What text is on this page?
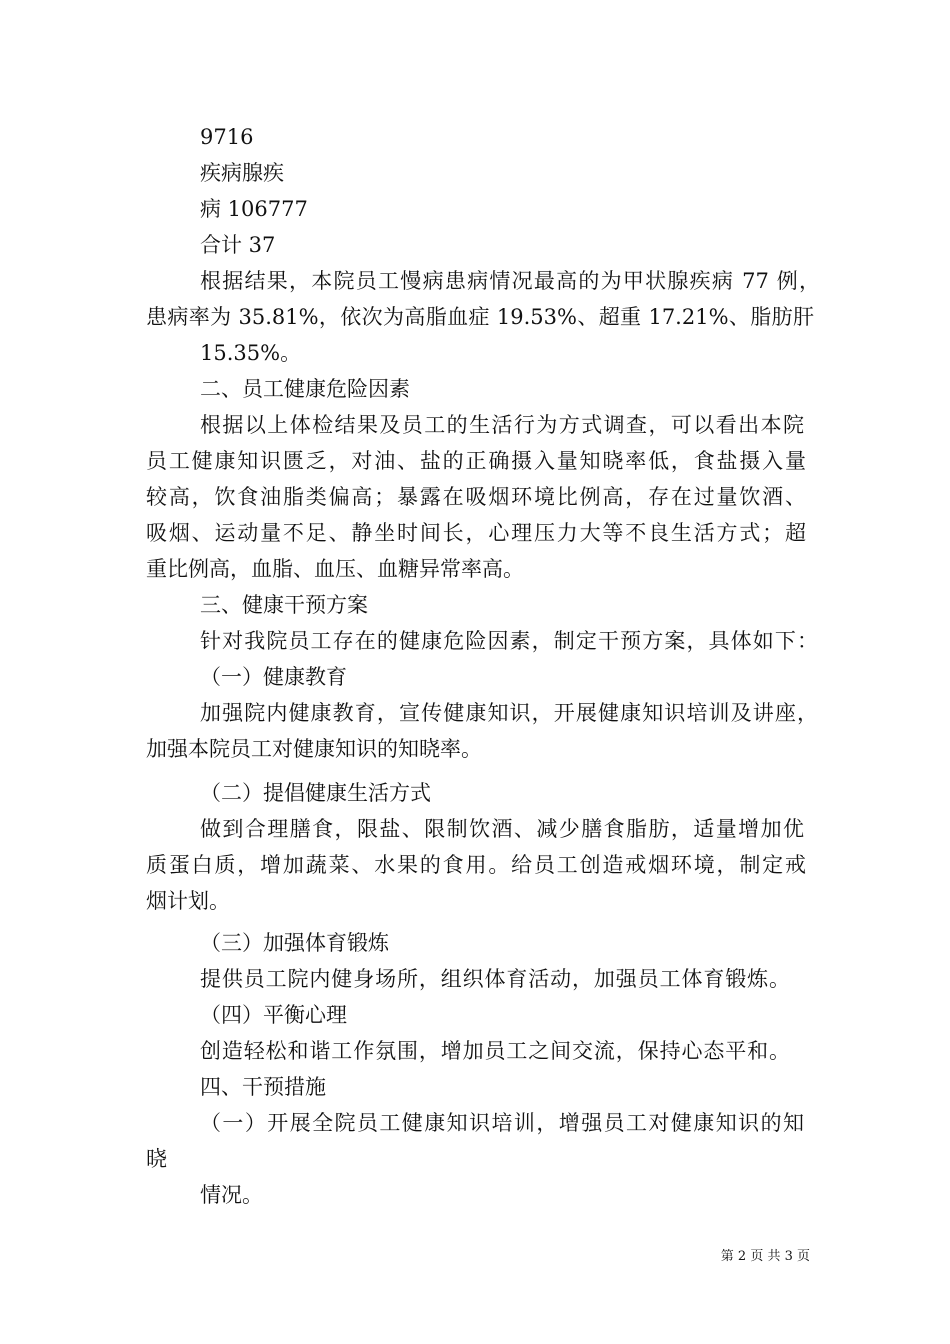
9716
疾病腺疾
病 106777
合计 37
根据结果，本院员工慢病患病情况最高的为甲状腺疾病 77 例，
患病率为 35.81%，依次为高脂血症 19.53%、超重 17.21%、脂肪肝
15.35%。
二、员工健康危险因素
根据以上体检结果及员工的生活行为方式调查，可以看出本院
员工健康知识匮乏，对油、盐的正确摄入量知晓率低，食盐摄入量
较高，饮食油脂类偏高；暴露在吸烟环境比例高，存在过量饮酒、
吸烟、运动量不足、静坐时间长，心理压力大等不良生活方式；超
重比例高，血脂、血压、血糖异常率高。
三、健康干预方案
针对我院员工存在的健康危险因素，制定干预方案，具体如下：
（一）健康教育
加强院内健康教育，宣传健康知识，开展健康知识培训及讲座，
加强本院员工对健康知识的知晓率。
（二）提倡健康生活方式
做到合理膳食，限盐、限制饮酒、减少膳食脂肪，适量增加优
质蛋白质，增加蔬菜、水果的食用。给员工创造戒烟环境，制定戒
烟计划。
（三）加强体育锻炼
提供员工院内健身场所，组织体育活动，加强员工体育锻炼。
（四）平衡心理
创造轻松和谐工作氛围，增加员工之间交流，保持心态平和。
四、干预措施
（一）开展全院员工健康知识培训，增强员工对健康知识的知
晓
情况。
第 2 页 共 3 页
